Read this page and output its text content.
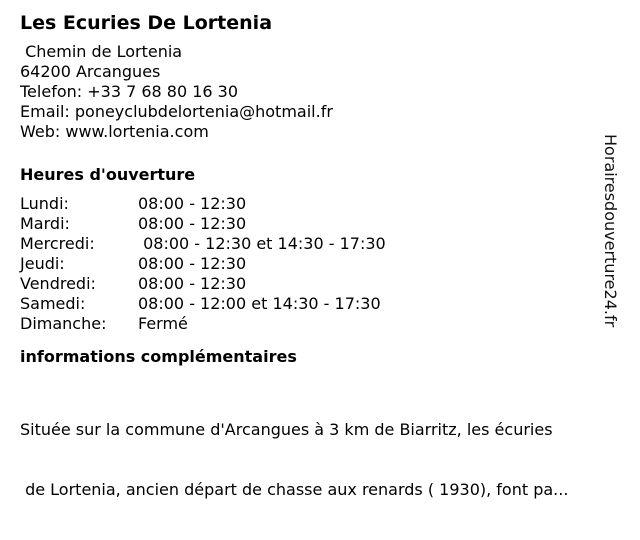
Les Ecuries De Lortenia
Chemin de Lortenia
64200 Arcangues
Telefon: +33 7 68 80 16 30
Email: poneyclubdelortenia@hotmail.fr
Web: www.lortenia.com
Heures d'ouverture
Lundi:	08:00 - 12:30
Mardi:	08:00 - 12:30
Mercredi:	08:00 - 12:30 et 14:30 - 17:30
Jeudi:	08:00 - 12:30
Vendredi:	08:00 - 12:30
Samedi:	08:00 - 12:00 et 14:30 - 17:30
Dimanche:	Fermé
informations complémentaires

Située sur la commune d'Arcangues à 3 km de Biarritz, les écuries

de Lortenia, ancien départ de chasse aux renards ( 1930), font pa...

Horairesdouverture24.fr
